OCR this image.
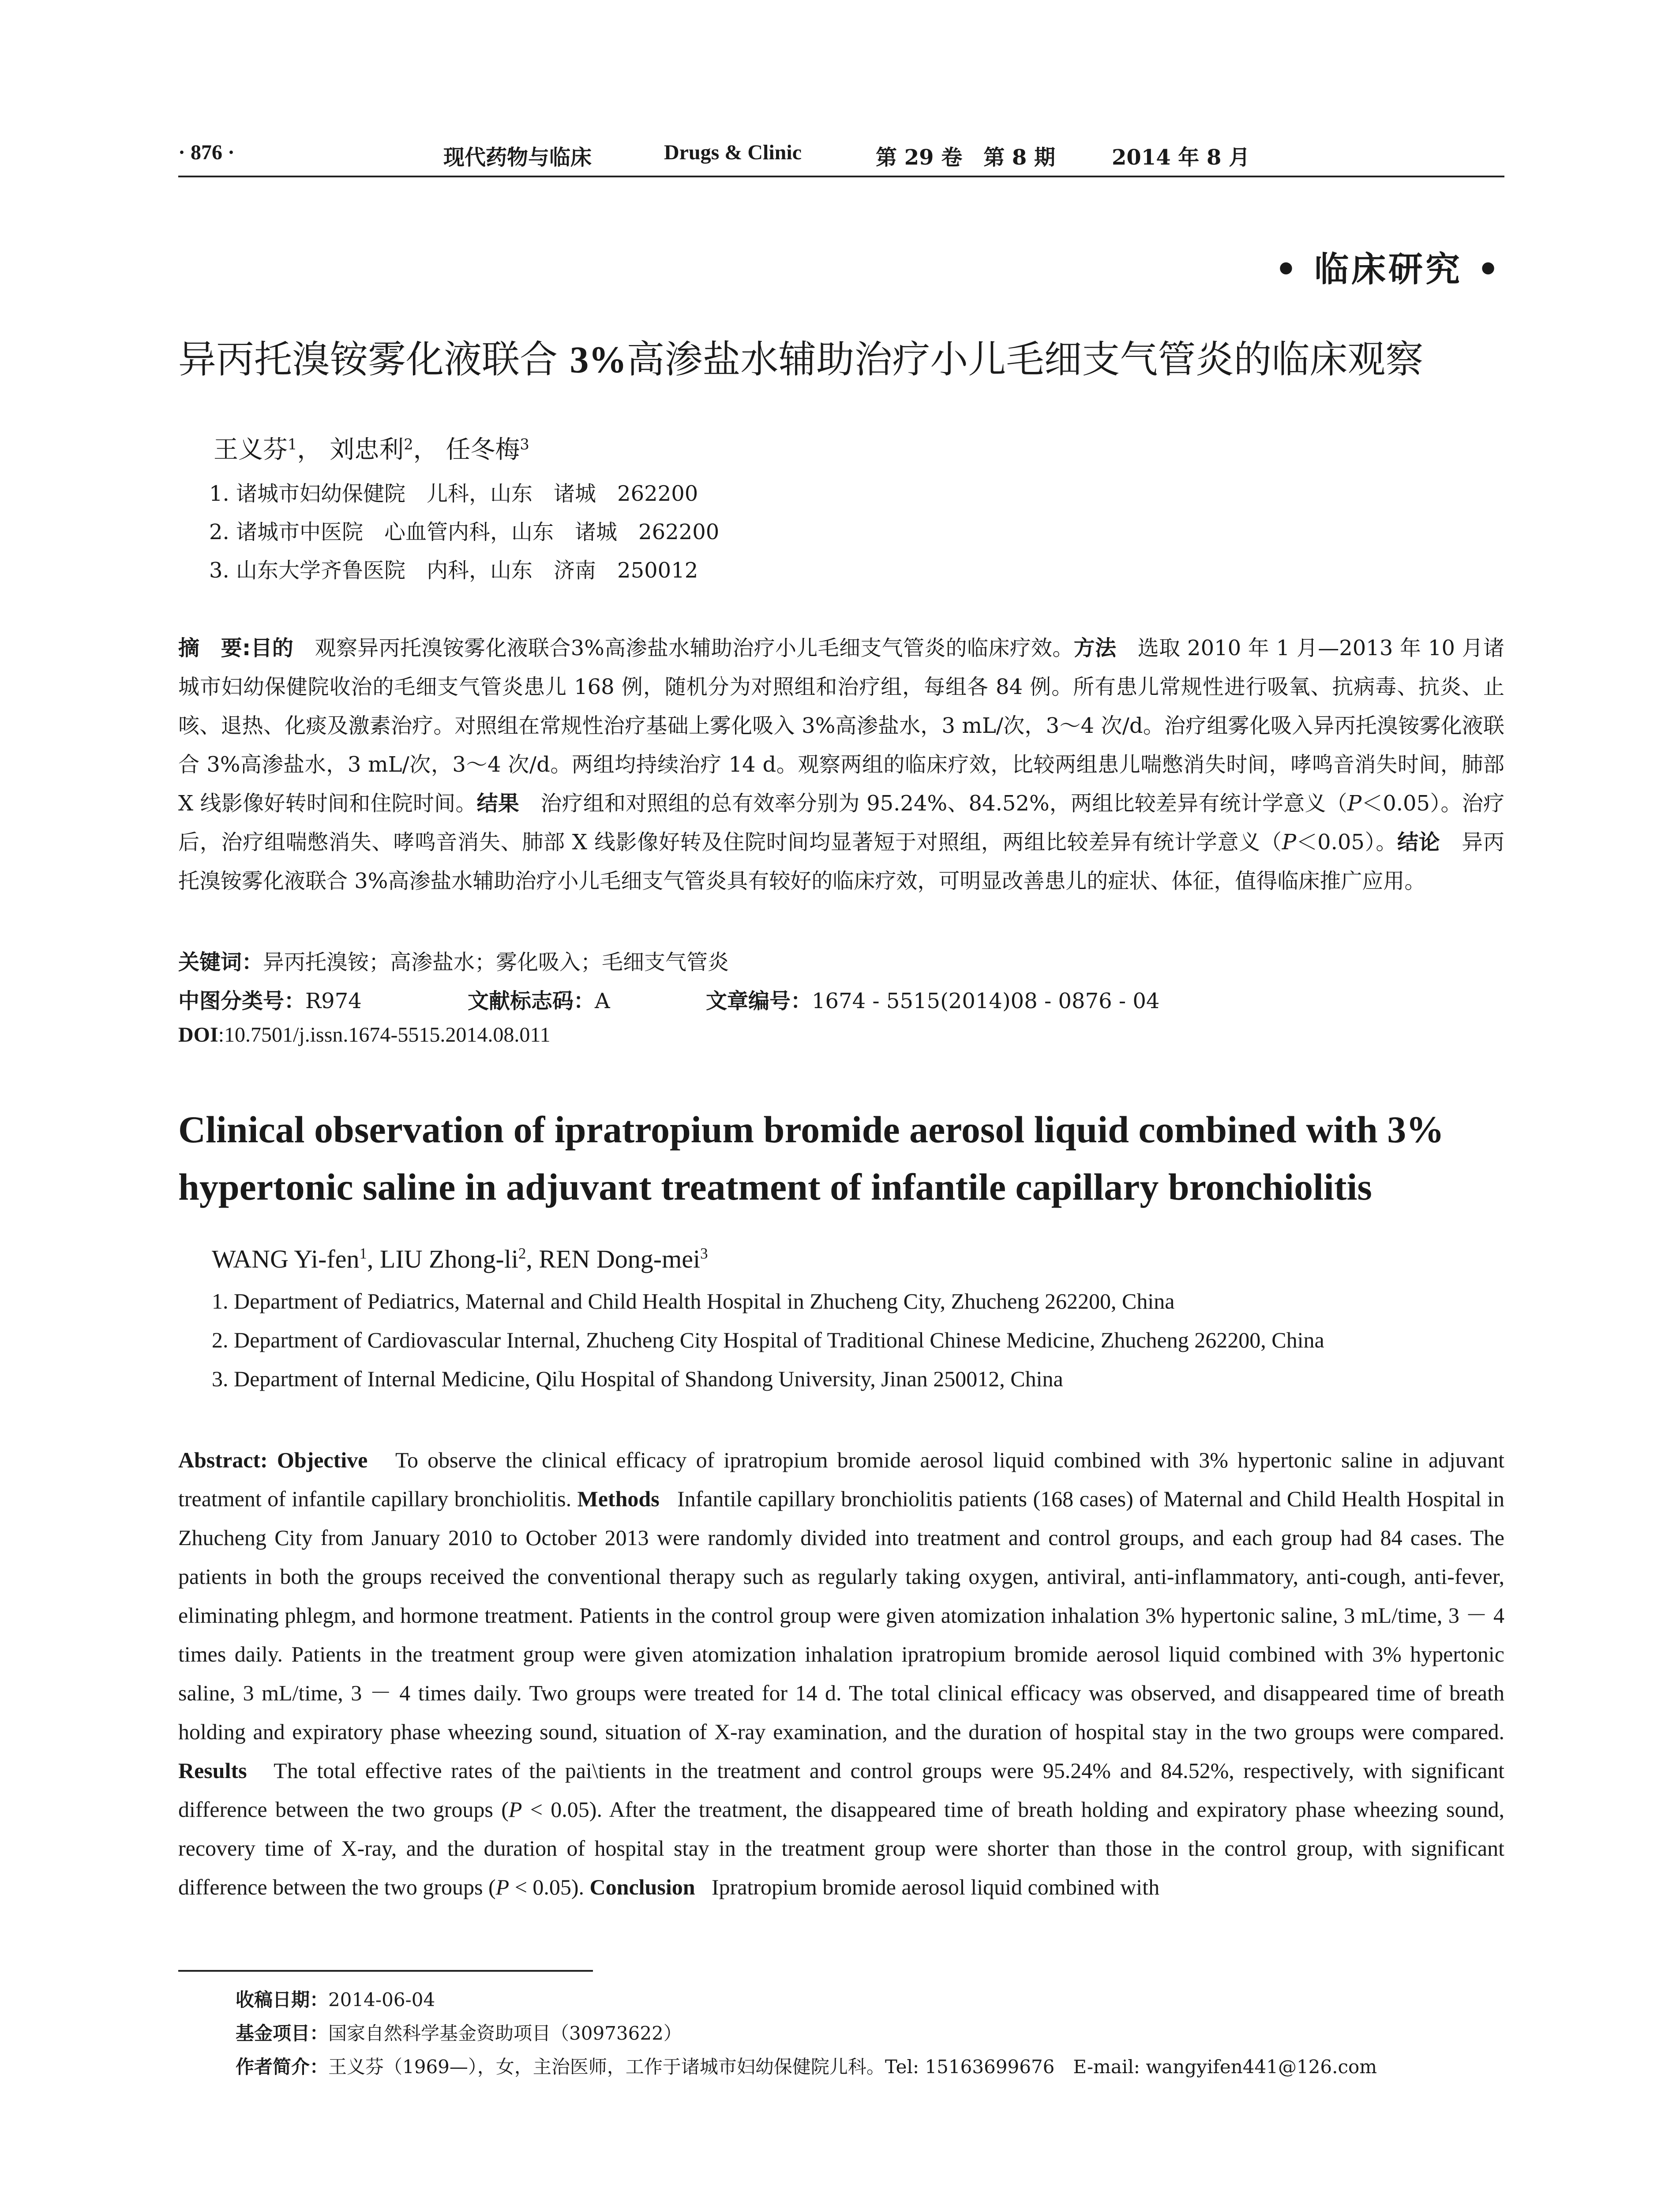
· 876 ·	现代药物与临床	Drugs & Clinic	第 29 卷　第 8 期	2014 年 8 月
• 临床研究 •
异丙托溴铵雾化液联合 3%高渗盐水辅助治疗小儿毛细支气管炎的临床观察
王义芬$^1$， 刘忠利$^2$， 任冬梅$^3$
1. 诸城市妇幼保健院　儿科，山东　诸城　262200
2. 诸城市中医院　心血管内科，山东　诸城　262200
3. 山东大学齐鲁医院　内科，山东　济南　250012
摘　要:目的　 观察异丙托溴铵雾化液联合3%高渗盐水辅助治疗小儿毛细支气管炎的临床疗效。方法　 选取 2010 年 1 月—2013 年 10 月诸城市妇幼保健院收治的毛细支气管炎患儿 168 例，随机分为对照组和治疗组，每组各 84 例。所有患儿常规性进行吸氧、抗病毒、抗炎、止咳、退热、化痰及激素治疗。对照组在常规性治疗基础上雾化吸入 3%高渗盐水，3 mL/次，3～4 次/d。治疗组雾化吸入异丙托溴铵雾化液联合 3%高渗盐水，3 mL/次，3～4 次/d。两组均持续治疗 14 d。观察两组的临床疗效，比较两组患儿喘憋消失时间，哮鸣音消失时间，肺部 X 线影像好转时间和住院时间。结果　 治疗组和对照组的总有效率分别为 95.24%、84.52%，两组比较差异有统计学意义（P＜0.05）。治疗后，治疗组喘憋消失、哮鸣音消失、肺部 X 线影像好转及住院时间均显著短于对照组，两组比较差异有统计学意义（P＜0.05）。结论　 异丙托溴铵雾化液联合 3%高渗盐水辅助治疗小儿毛细支气管炎具有较好的临床疗效，可明显改善患儿的症状、体征，值得临床推广应用。
关键词：异丙托溴铵；高渗盐水；雾化吸入；毛细支气管炎
中图分类号：R974	文献标志码：A	文章编号：1674 - 5515(2014)08 - 0876 - 04
DOI:10.7501/j.issn.1674-5515.2014.08.011
Clinical observation of ipratropium bromide aerosol liquid combined with 3% hypertonic saline in adjuvant treatment of infantile capillary bronchiolitis
WANG Yi-fen$^1$, LIU Zhong-$li^2$, REN Dong-mei$^3$
1. Department of Pediatrics, Maternal and Child Health Hospital in Zhucheng City, Zhucheng 262200, China
2. Department of Cardiovascular Internal, Zhucheng City Hospital of Traditional Chinese Medicine, Zhucheng 262200, China
3. Department of Internal Medicine, Qilu Hospital of Shandong University, Jinan 250012, China
Abstract: Objective To observe the clinical efficacy of ipratropium bromide aerosol liquid combined with 3% hypertonic saline in adjuvant treatment of infantile capillary bronchiolitis. Methods Infantile capillary bronchiolitis patients (168 cases) of Maternal and Child Health Hospital in Zhucheng City from January 2010 to October 2013 were randomly divided into treatment and control groups, and each group had 84 cases. The patients in both the groups received the conventional therapy such as regularly taking oxygen, antiviral, anti-inflammatory, anti-cough, anti-fever, eliminating phlegm, and hormone treatment. Patients in the control group were given atomization inhalation 3% hypertonic saline, 3 mL/time, 3 － 4 times daily. Patients in the treatment group were given atomization inhalation ipratropium bromide aerosol liquid combined with 3% hypertonic saline, 3 mL/time, 3 － 4 times daily. Two groups were treated for 14 d. The total clinical efficacy was observed, and disappeared time of breath holding and expiratory phase wheezing sound, situation of X-ray examination, and the duration of hospital stay in the two groups were compared. Results The total effective rates of the pai\tients in the treatment and control groups were 95.24% and 84.52%, respectively, with significant difference between the two groups (P < 0.05). After the treatment, the disappeared time of breath holding and expiratory phase wheezing sound, recovery time of X-ray, and the duration of hospital stay in the treatment group were shorter than those in the control group, with significant difference between the two groups (P < 0.05). Conclusion Ipratropium bromide aerosol liquid combined with
收稿日期：2014-06-04
基金项目：国家自然科学基金资助项目（30973622）
作者简介：王义芬（1969—），女，主治医师，工作于诸城市妇幼保健院儿科。Tel: 15163699676　E-mail: wangyifen441@126.com
